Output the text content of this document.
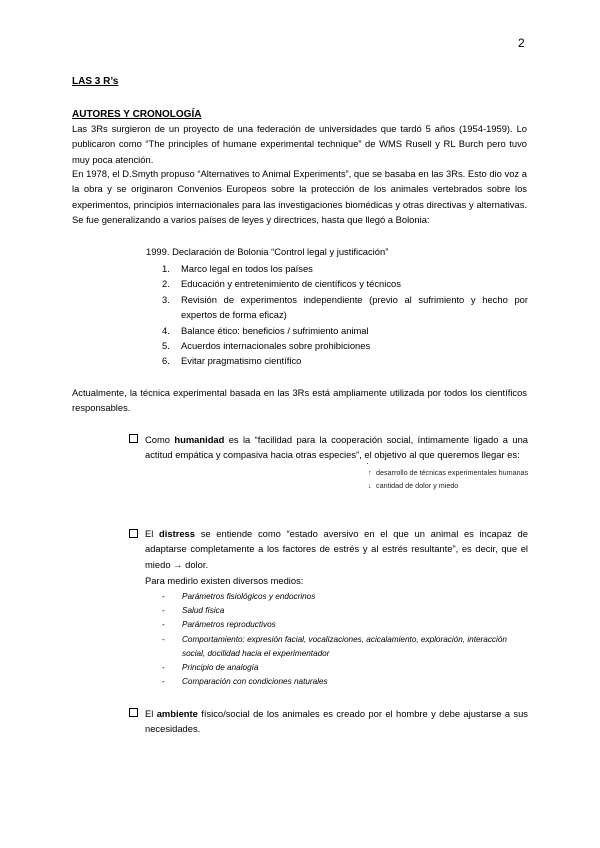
2
LAS 3 R’s
AUTORES Y CRONOLOGÍA
Las 3Rs surgieron de un proyecto de una federación de universidades que tardó 5 años (1954-1959). Lo publicaron como “The principles of humane experimental technique” de WMS Rusell y RL Burch pero tuvo muy poca atención.
En 1978, el D.Smyth propuso “Alternatives to Animal Experiments”, que se basaba en las 3Rs. Esto dio voz a la obra y se originaron Convenios Europeos sobre la protección de los animales vertebrados sobre los experimentos, principios internacionales para las investigaciones biomédicas y otras directivas y alternativas. Se fue generalizando a varios países de leyes y directrices, hasta que llegó a Bolonia:
1999. Declaración de Bolonia “Control legal y justificación”
1. Marco legal en todos los países
2. Educación y entretenimiento de científicos y técnicos
3. Revisión de experimentos independiente (previo al sufrimiento y hecho por expertos de forma eficaz)
4. Balance ético: beneficios / sufrimiento animal
5. Acuerdos internacionales sobre prohibiciones
6. Evitar pragmatismo científico
Actualmente, la técnica experimental basada en las 3Rs está ampliamente utilizada por todos los científicos responsables.
Como humanidad es la “facilidad para la cooperación social, íntimamente ligado a una actitud empática y compasiva hacia otras especies”, el objetivo al que queremos llegar es:
↑ desarrollo de técnicas experimentales humanas
↓ cantidad de dolor y miedo
El distress se entiende como “estado aversivo en el que un animal es incapaz de adaptarse completamente a los factores de estrés y al estrés resultante”, es decir, que el miedo → dolor.
Para medirlo existen diversos medios:
- Parámetros fisiológicos y endocrinos
- Salud física
- Parámetros reproductivos
- Comportamiento: expresión facial, vocalizaciones, acicalamiento, exploración, interacción social, docilidad hacia el experimentador
- Principio de analogía
- Comparación con condiciones naturales
El ambiente físico/social de los animales es creado por el hombre y debe ajustarse a sus necesidades.
